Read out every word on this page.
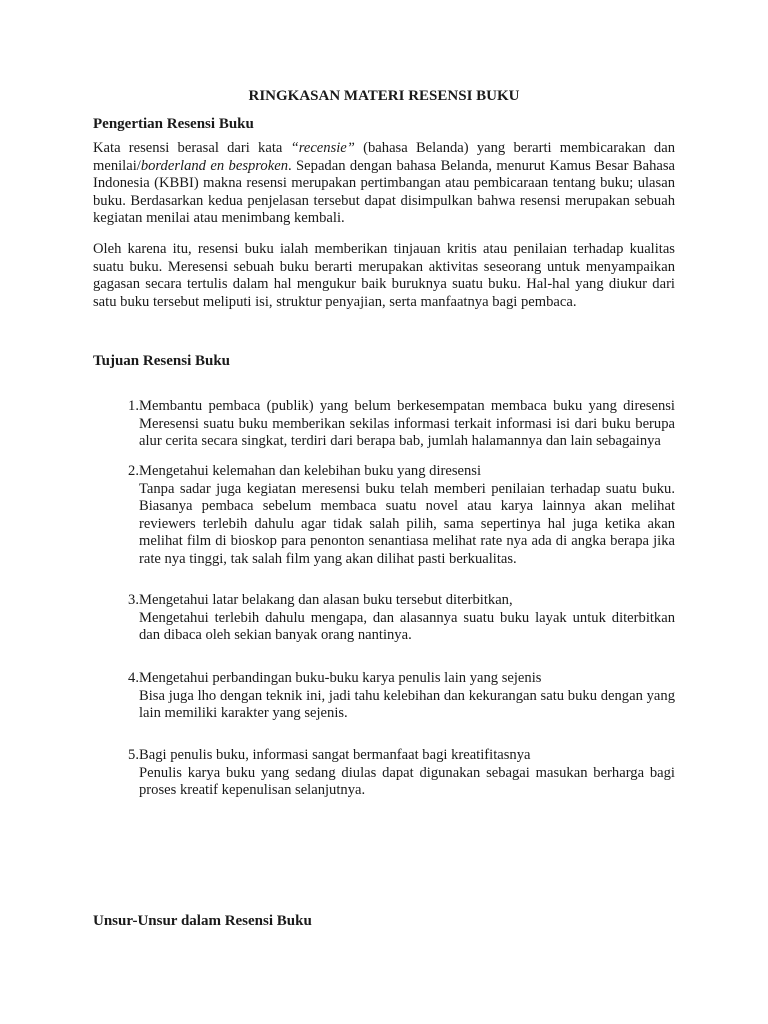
RINGKASAN MATERI RESENSI BUKU
Pengertian Resensi Buku

Kata resensi berasal dari kata “recensie” (bahasa Belanda) yang berarti membicarakan dan menilai/borderland en besproken. Sepadan dengan bahasa Belanda, menurut Kamus Besar Bahasa Indonesia (KBBI) makna resensi merupakan pertimbangan atau pembicaraan tentang buku; ulasan buku. Berdasarkan kedua penjelasan tersebut dapat disimpulkan bahwa resensi merupakan sebuah kegiatan menilai atau menimbang kembali.

Oleh karena itu, resensi buku ialah memberikan tinjauan kritis atau penilaian terhadap kualitas suatu buku. Meresensi sebuah buku berarti merupakan aktivitas seseorang untuk menyampaikan gagasan secara tertulis dalam hal mengukur baik buruknya suatu buku. Hal-hal yang diukur dari satu buku tersebut meliputi isi, struktur penyajian, serta manfaatnya bagi pembaca.

Tujuan Resensi Buku
1. Membantu pembaca (publik) yang belum berkesempatan membaca buku yang diresensi Meresensi suatu buku memberikan sekilas informasi terkait informasi isi dari buku berupa alur cerita secara singkat, terdiri dari berapa bab, jumlah halamannya dan lain sebagainya
2. Mengetahui kelemahan dan kelebihan buku yang diresensi
Tanpa sadar juga kegiatan meresensi buku telah memberi penilaian terhadap suatu buku. Biasanya pembaca sebelum membaca suatu novel atau karya lainnya akan melihat reviewers terlebih dahulu agar tidak salah pilih, sama sepertinya hal juga ketika akan melihat film di bioskop para penonton senantiasa melihat rate nya ada di angka berapa jika rate nya tinggi, tak salah film yang akan dilihat pasti berkualitas.
3. Mengetahui latar belakang dan alasan buku tersebut diterbitkan,
Mengetahui terlebih dahulu mengapa, dan alasannya suatu buku layak untuk diterbitkan dan dibaca oleh sekian banyak orang nantinya.
4. Mengetahui perbandingan buku-buku karya penulis lain yang sejenis
Bisa juga lho dengan teknik ini, jadi tahu kelebihan dan kekurangan satu buku dengan yang lain memiliki karakter yang sejenis.
5. Bagi penulis buku, informasi sangat bermanfaat bagi kreatifitasnya
Penulis karya buku yang sedang diulas dapat digunakan sebagai masukan berharga bagi proses kreatif kepenulisan selanjutnya.
Unsur-Unsur dalam Resensi Buku
